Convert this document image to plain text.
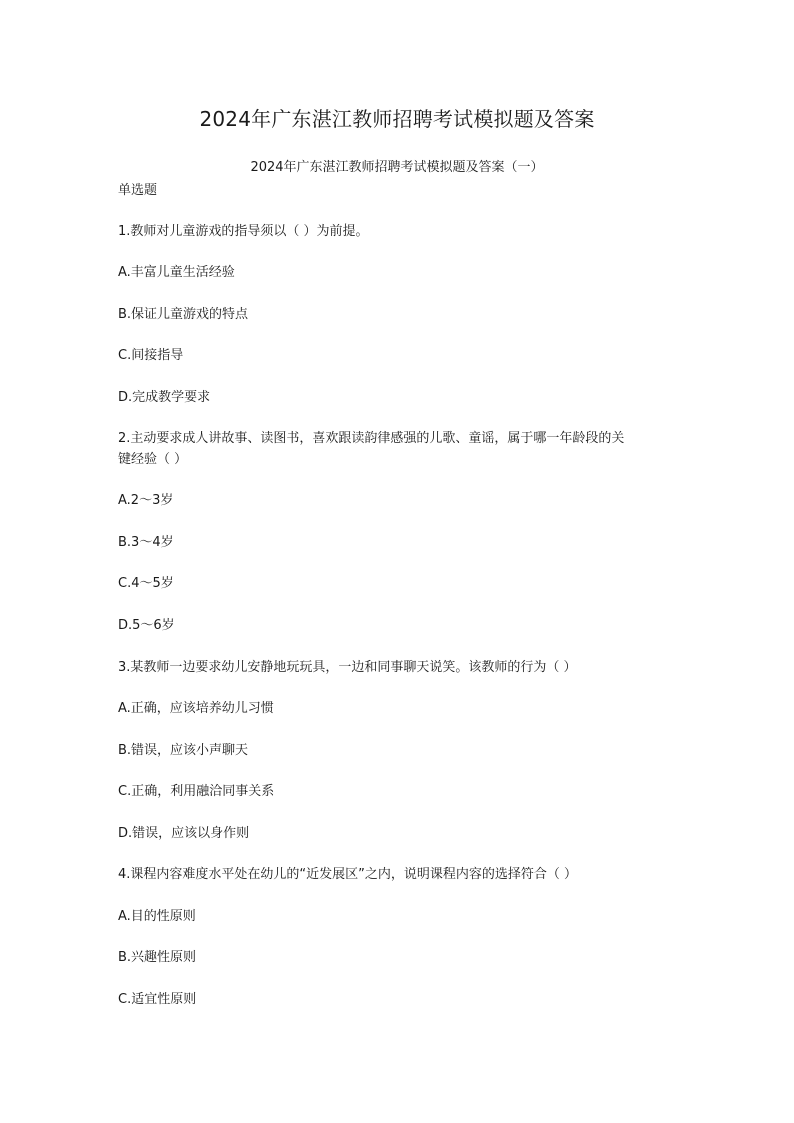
2024年广东湛江教师招聘考试模拟题及答案
2024年广东湛江教师招聘考试模拟题及答案（一）
单选题
1.教师对儿童游戏的指导须以（ ）为前提。
A.丰富儿童生活经验
B.保证儿童游戏的特点
C.间接指导
D.完成教学要求
2.主动要求成人讲故事、读图书，喜欢跟读韵律感强的儿歌、童谣，属于哪一年龄段的关
键经验（ ）
A.2～3岁
B.3～4岁
C.4～5岁
D.5～6岁
3.某教师一边要求幼儿安静地玩玩具，一边和同事聊天说笑。该教师的行为（ ）
A.正确，应该培养幼儿习惯
B.错误，应该小声聊天
C.正确，利用融洽同事关系
D.错误，应该以身作则
4.课程内容难度水平处在幼儿的“近发展区”之内，说明课程内容的选择符合（ ）
A.目的性原则
B.兴趣性原则
C.适宜性原则
